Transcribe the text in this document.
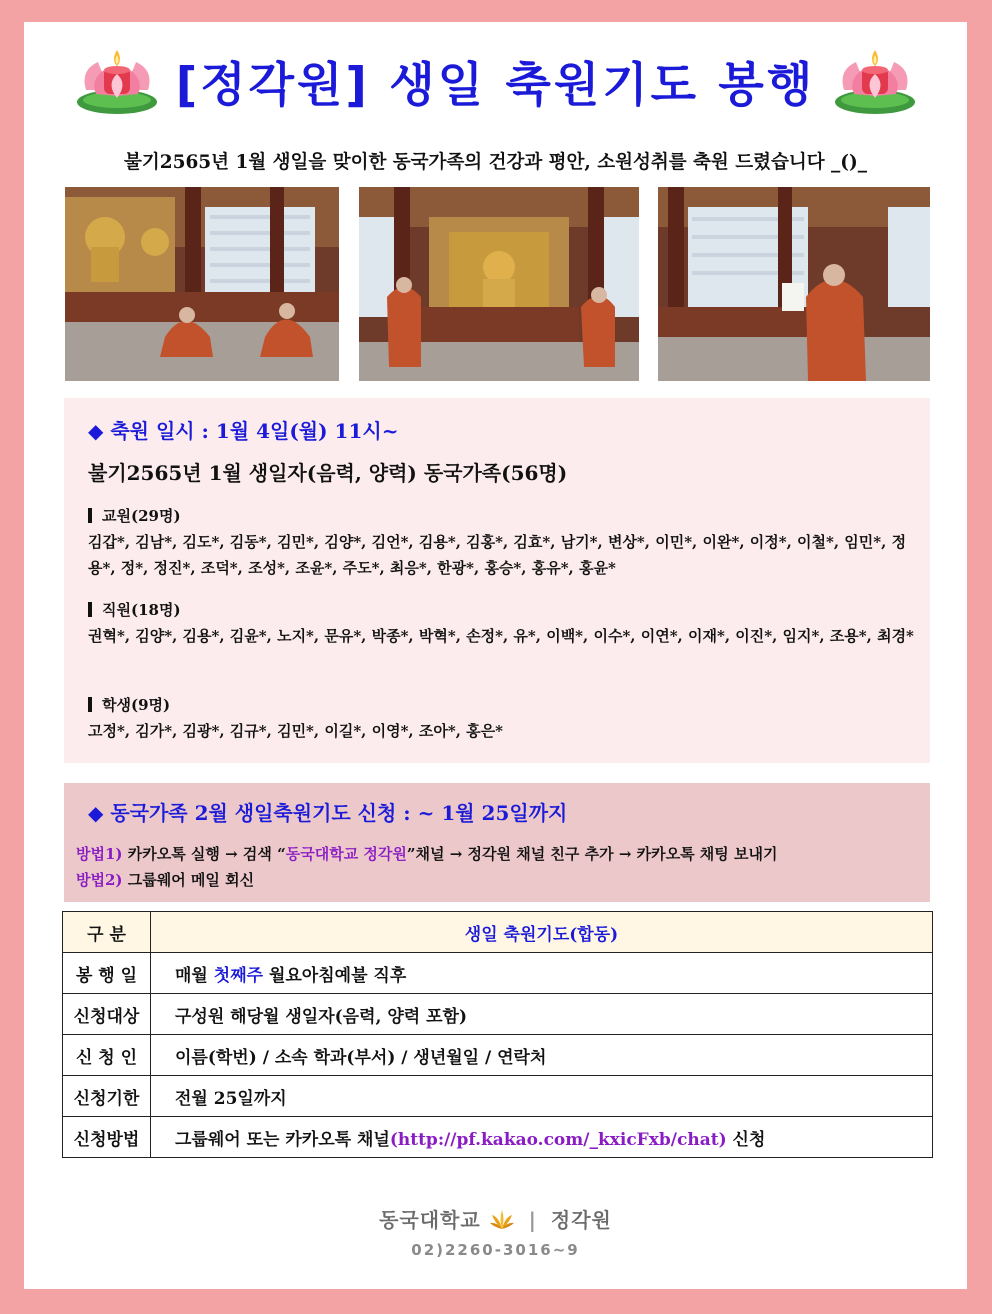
[정각원] 생일 축원기도 봉행
불기2565년 1월 생일을 맞이한 동국가족의 건강과 평안, 소원성취를 축원 드렸습니다 _()_
◆ 축원 일시 : 1월 4일(월) 11시~
불기2565년 1월 생일자(음력, 양력) 동국가족(56명)
교원(29명)
김갑*, 김남*, 김도*, 김동*, 김민*, 김양*, 김언*, 김용*, 김홍*, 김효*, 남기*, 변상*, 이민*, 이완*, 이정*, 이철*, 임민*, 정용*, 정*, 정진*, 조덕*, 조성*, 조윤*, 주도*, 최응*, 한광*, 홍승*, 홍유*, 홍윤*
직원(18명)
권혁*, 김양*, 김용*, 김윤*, 노지*, 문유*, 박종*, 박혁*, 손정*, 유*, 이백*, 이수*, 이연*, 이재*, 이진*, 임지*, 조용*, 최경*
학생(9명)
고정*, 김가*, 김광*, 김규*, 김민*, 이길*, 이영*, 조아*, 홍은*
◆ 동국가족 2월 생일축원기도 신청 : ~ 1월 25일까지
방법1) 카카오톡 실행 → 검색 “동국대학교 정각원”채널 → 정각원 채널 친구 추가 → 카카오톡 채팅 보내기
방법2) 그룹웨어 메일 회신
구 분	생일 축원기도(합동)
봉 행 일	매월 첫째주 월요아침예불 직후
신청대상	구성원 해당월 생일자(음력, 양력 포함)
신 청 인	이름(학번) / 소속 학과(부서) / 생년월일 / 연락처
신청기한	전월 25일까지
신청방법	그룹웨어 또는 카카오톡 채널(http://pf.kakao.com/_kxicFxb/chat) 신청
동국대학교 | 정각원
02)2260-3016~9
